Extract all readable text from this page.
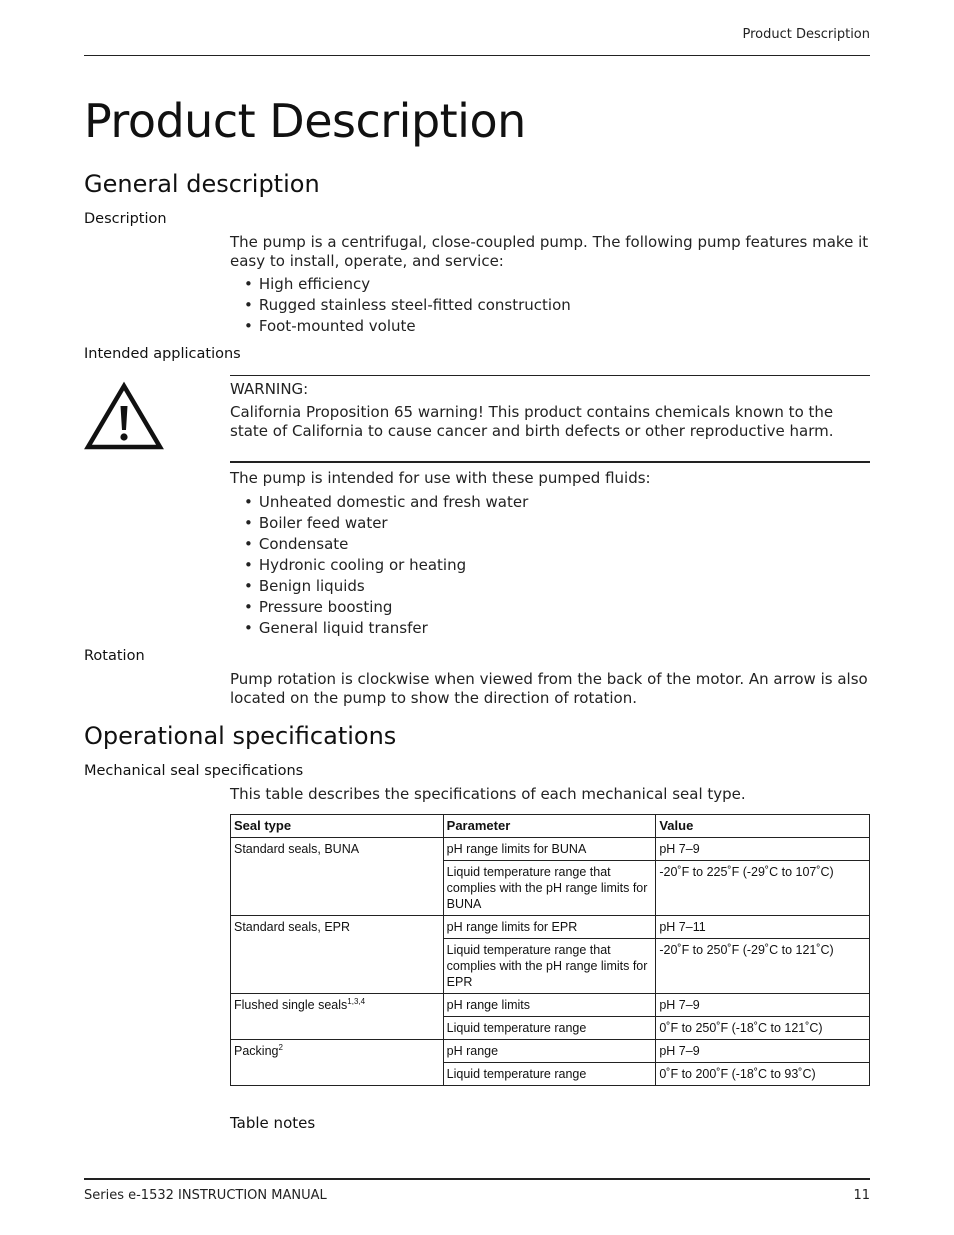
Product Description
Product Description
General description
Description

The pump is a centrifugal, close-coupled pump. The following pump features make it easy to install, operate, and service:

• High efficiency
• Rugged stainless steel-fitted construction
• Foot-mounted volute
Intended applications
WARNING:
California Proposition 65 warning! This product contains chemicals known to the state of California to cause cancer and birth defects or other reproductive harm.

The pump is intended for use with these pumped fluids:

• Unheated domestic and fresh water
• Boiler feed water
• Condensate
• Hydronic cooling or heating
• Benign liquids
• Pressure boosting
• General liquid transfer
Rotation

Pump rotation is clockwise when viewed from the back of the motor. An arrow is also located on the pump to show the direction of rotation.

Operational specifications
Mechanical seal specifications

This table describes the specifications of each mechanical seal type.

Seal type	Parameter	Value
Standard seals, BUNA	pH range limits for BUNA	pH 7–9
	Liquid temperature range that complies with the pH range limits for BUNA	-20˚F to 225˚F (-29˚C to 107˚C)
Standard seals, EPR	pH range limits for EPR	pH 7–11
	Liquid temperature range that complies with the pH range limits for EPR	-20˚F to 250˚F (-29˚C to 121˚C)
Flushed single seals$^{1,3,4}$	pH range limits	pH 7–9
	Liquid temperature range	0˚F to 250˚F (-18˚C to 121˚C)
Packing$^2$	pH range	pH 7–9
	Liquid temperature range	0˚F to 200˚F (-18˚C to 93˚C)
Table notes
Series e-1532 INSTRUCTION MANUAL	11
